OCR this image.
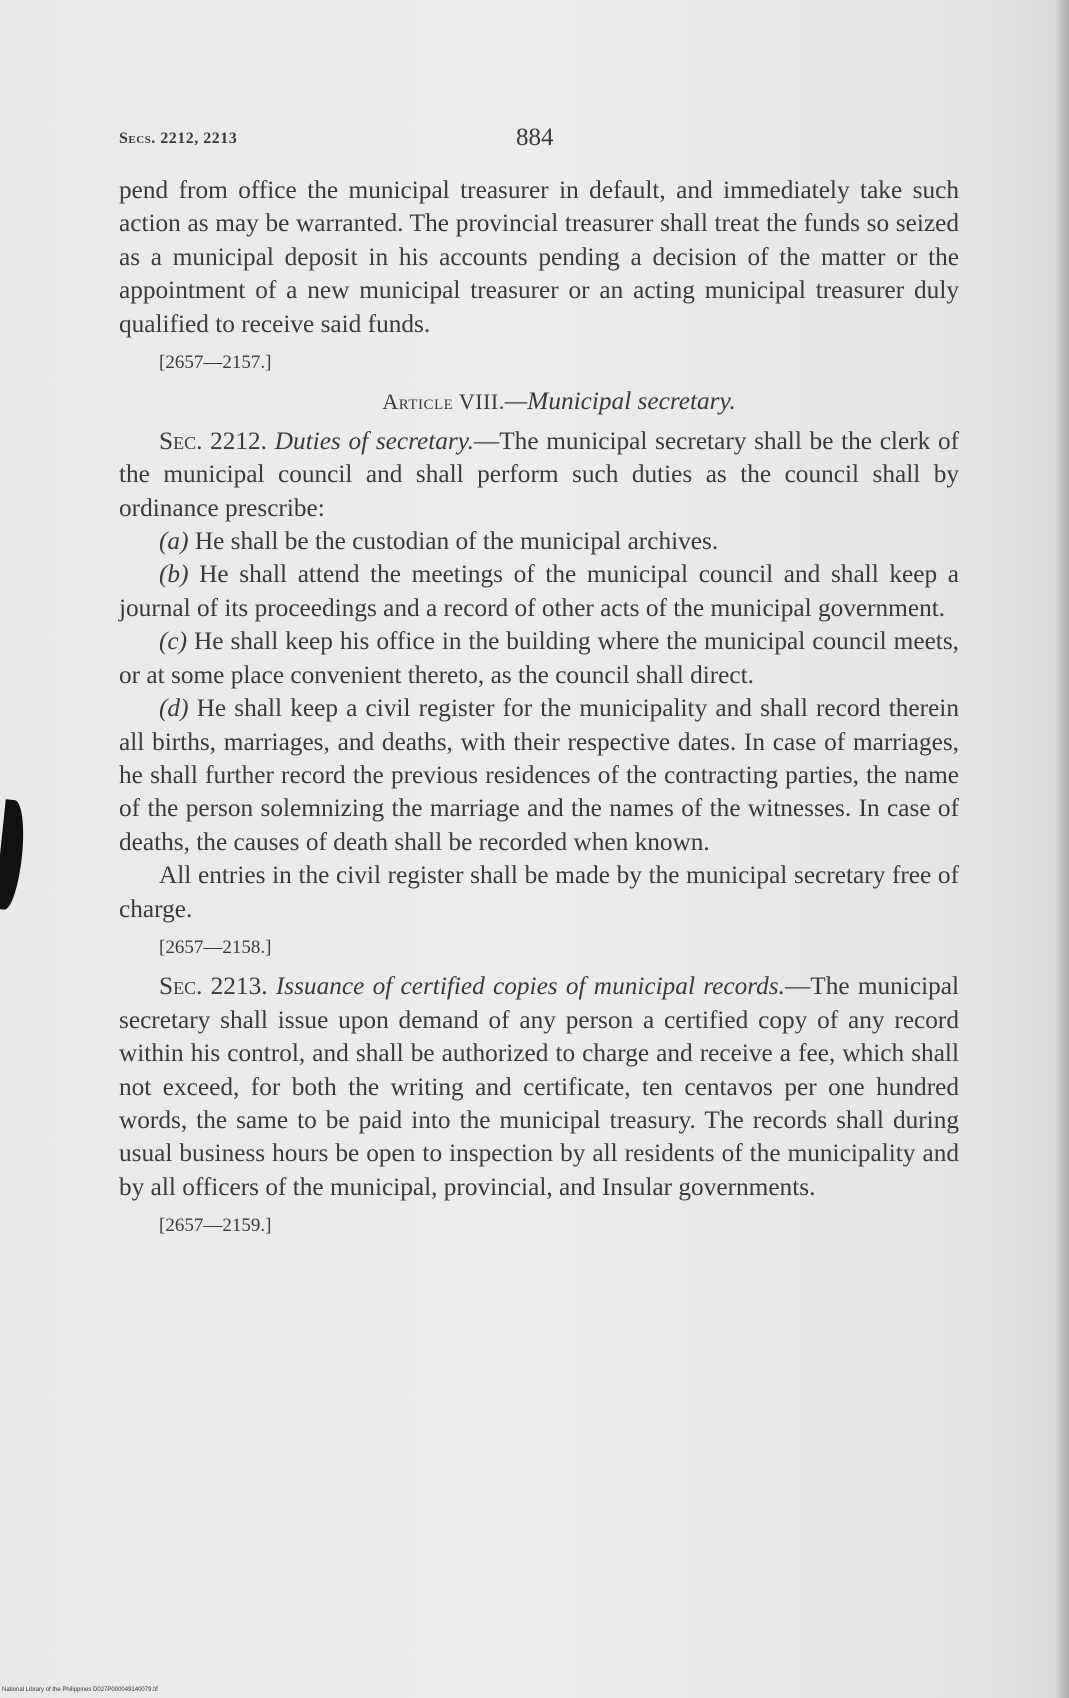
Secs. 2212, 2213	884

pend from office the municipal treasurer in default, and immediately take such action as may be warranted. The provincial treasurer shall treat the funds so seized as a municipal deposit in his accounts pending a decision of the matter or the appointment of a new municipal treasurer or an acting municipal treasurer duly qualified to receive said funds.

[2657—2157.]

Article VIII.—Municipal secretary.

Sec. 2212. Duties of secretary.—The municipal secretary shall be the clerk of the municipal council and shall perform such duties as the council shall by ordinance prescribe:

(a) He shall be the custodian of the municipal archives.

(b) He shall attend the meetings of the municipal council and shall keep a journal of its proceedings and a record of other acts of the municipal government.

(c) He shall keep his office in the building where the municipal council meets, or at some place convenient thereto, as the council shall direct.

(d) He shall keep a civil register for the municipality and shall record therein all births, marriages, and deaths, with their respective dates. In case of marriages, he shall further record the previous residences of the contracting parties, the name of the person solemnizing the marriage and the names of the witnesses. In case of deaths, the causes of death shall be recorded when known.

All entries in the civil register shall be made by the municipal secretary free of charge.

[2657—2158.]

Sec. 2213. Issuance of certified copies of municipal records.—The municipal secretary shall issue upon demand of any person a certified copy of any record within his control, and shall be authorized to charge and receive a fee, which shall not exceed, for both the writing and certificate, ten centavos per one hundred words, the same to be paid into the municipal treasury. The records shall during usual business hours be open to inspection by all residents of the municipality and by all officers of the municipal, provincial, and Insular governments.

[2657—2159.]

National Library of the Philippines D027P000049140079.tif
